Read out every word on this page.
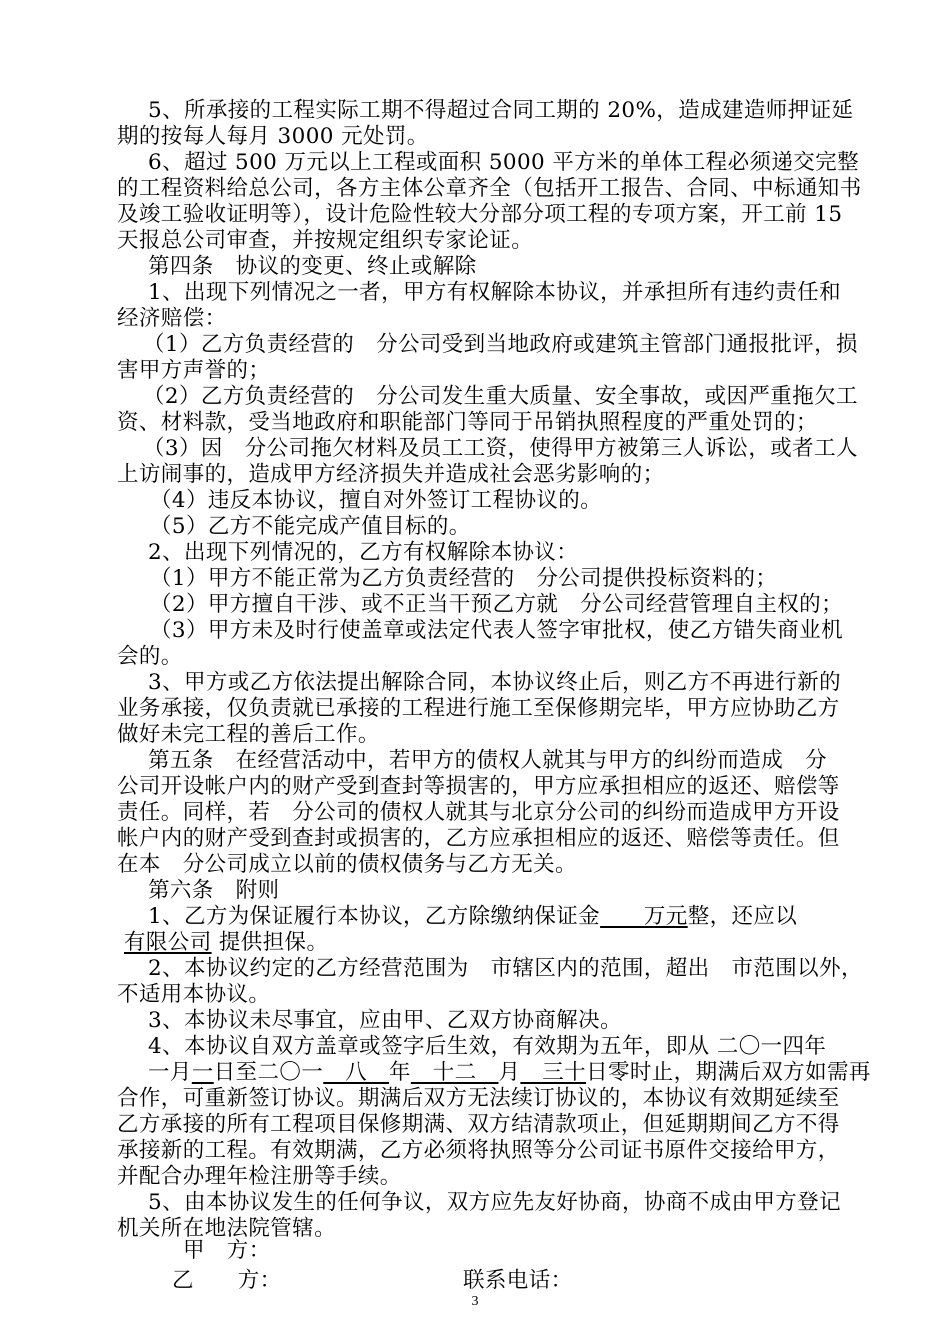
5、所承接的工程实际工期不得超过合同工期的 20%，造成建造师押证延
期的按每人每月 3000 元处罚。
6、超过 500 万元以上工程或面积 5000 平方米的单体工程必须递交完整
的工程资料给总公司，各方主体公章齐全（包括开工报告、合同、中标通知书
及竣工验收证明等），设计危险性较大分部分项工程的专项方案，开工前 15
天报总公司审查，并按规定组织专家论证。
第四条　协议的变更、终止或解除
1、出现下列情况之一者，甲方有权解除本协议，并承担所有违约责任和
经济赔偿：
（1）乙方负责经营的　分公司受到当地政府或建筑主管部门通报批评，损
害甲方声誉的；
（2）乙方负责经营的　分公司发生重大质量、安全事故，或因严重拖欠工
资、材料款，受当地政府和职能部门等同于吊销执照程度的严重处罚的；
（3）因　分公司拖欠材料及员工工资，使得甲方被第三人诉讼，或者工人
上访闹事的，造成甲方经济损失并造成社会恶劣影响的；
（4）违反本协议，擅自对外签订工程协议的。
（5）乙方不能完成产值目标的。
2、出现下列情况的，乙方有权解除本协议：
（1）甲方不能正常为乙方负责经营的　分公司提供投标资料的；
（2）甲方擅自干涉、或不正当干预乙方就　分公司经营管理自主权的；
（3）甲方未及时行使盖章或法定代表人签字审批权，使乙方错失商业机
会的。
3、甲方或乙方依法提出解除合同，本协议终止后，则乙方不再进行新的
业务承接，仅负责就已承接的工程进行施工至保修期完毕，甲方应协助乙方
做好未完工程的善后工作。
第五条　在经营活动中，若甲方的债权人就其与甲方的纠纷而造成　分
公司开设帐户内的财产受到查封等损害的，甲方应承担相应的返还、赔偿等
责任。同样，若　分公司的债权人就其与北京分公司的纠纷而造成甲方开设
帐户内的财产受到查封或损害的，乙方应承担相应的返还、赔偿等责任。但
在本　分公司成立以前的债权债务与乙方无关。
第六条　附则
1、乙方为保证履行本协议，乙方除缴纳保证金　　万元整，还应以
有限公司 提供担保。
2、本协议约定的乙方经营范围为　市辖区内的范围，超出　市范围以外，
不适用本协议。
3、本协议未尽事宜，应由甲、乙双方协商解决。
4、本协议自双方盖章或签字后生效，有效期为五年，即从 二〇一四年
一月一日至二〇一　八　年　十二　月　三十日零时止，期满后双方如需再
合作，可重新签订协议。期满后双方无法续订协议的，本协议有效期延续至
乙方承接的所有工程项目保修期满、双方结清款项止，但延期期间乙方不得
承接新的工程。有效期满，乙方必须将执照等分公司证书原件交接给甲方，
并配合办理年检注册等手续。
5、由本协议发生的任何争议，双方应先友好协商，协商不成由甲方登记
机关所在地法院管辖。
甲　方：
乙　　方：	联系电话：
3
